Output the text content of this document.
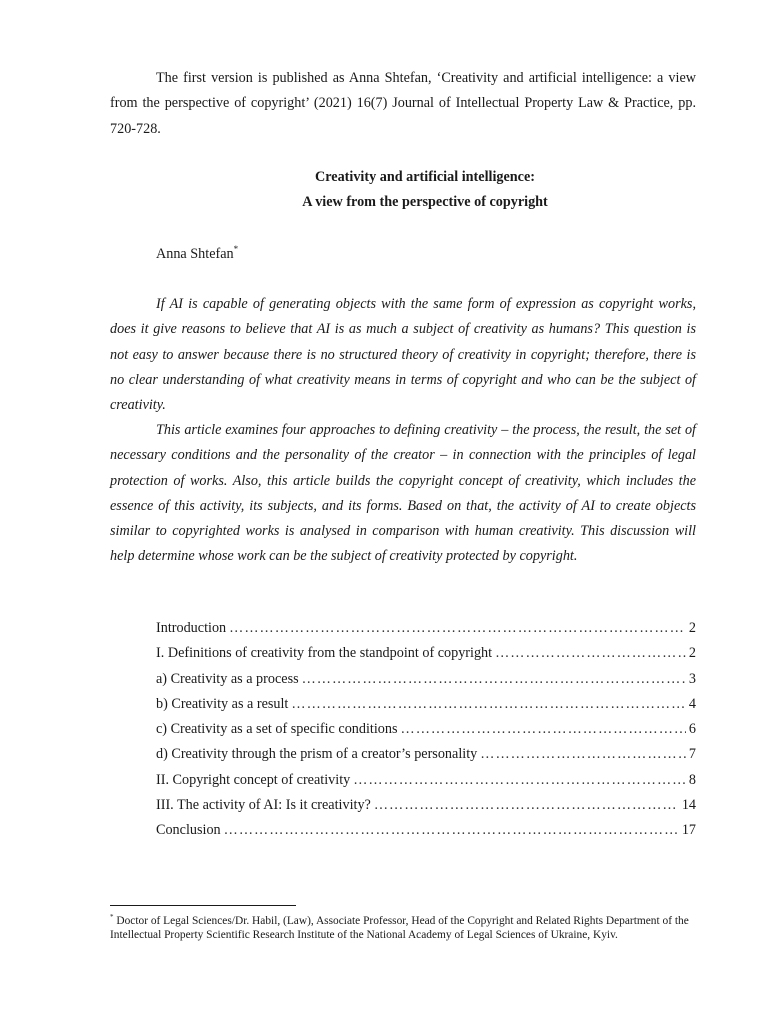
The first version is published as Anna Shtefan, ‘Creativity and artificial intelligence: a view from the perspective of copyright’ (2021) 16(7) Journal of Intellectual Property Law & Practice, pp. 720-728.

Creativity and artificial intelligence:
A view from the perspective of copyright

Anna Shtefan*

If AI is capable of generating objects with the same form of expression as copyright works, does it give reasons to believe that AI is as much a subject of creativity as humans? This question is not easy to answer because there is no structured theory of creativity in copyright; therefore, there is no clear understanding of what creativity means in terms of copyright and who can be the subject of creativity.

This article examines four approaches to defining creativity – the process, the result, the set of necessary conditions and the personality of the creator – in connection with the principles of legal protection of works. Also, this article builds the copyright concept of creativity, which includes the essence of this activity, its subjects, and its forms. Based on that, the activity of AI to create objects similar to copyrighted works is analysed in comparison with human creativity. This discussion will help determine whose work can be the subject of creativity protected by copyright.

Introduction ……………………………………………………………………………………………………………………………………………………………………	2
I. Definitions of creativity from the standpoint of copyright ……………………………………………………………………………………………………………………………………………………………………	2
a) Creativity as a process ……………………………………………………………………………………………………………………………………………………………………	3
b) Creativity as a result ……………………………………………………………………………………………………………………………………………………………………	4
c) Creativity as a set of specific conditions ……………………………………………………………………………………………………………………………………………………………………	6
d) Creativity through the prism of a creator’s personality ……………………………………………………………………………………………………………………………………………………………………	7
II. Copyright concept of creativity ……………………………………………………………………………………………………………………………………………………………………	8
III. The activity of AI: Is it creativity? ……………………………………………………………………………………………………………………………………………………………………	14
Conclusion ……………………………………………………………………………………………………………………………………………………………………	17

* Doctor of Legal Sciences/Dr. Habil, (Law), Associate Professor, Head of the Copyright and Related Rights Department of the Intellectual Property Scientific Research Institute of the National Academy of Legal Sciences of Ukraine, Kyiv.
